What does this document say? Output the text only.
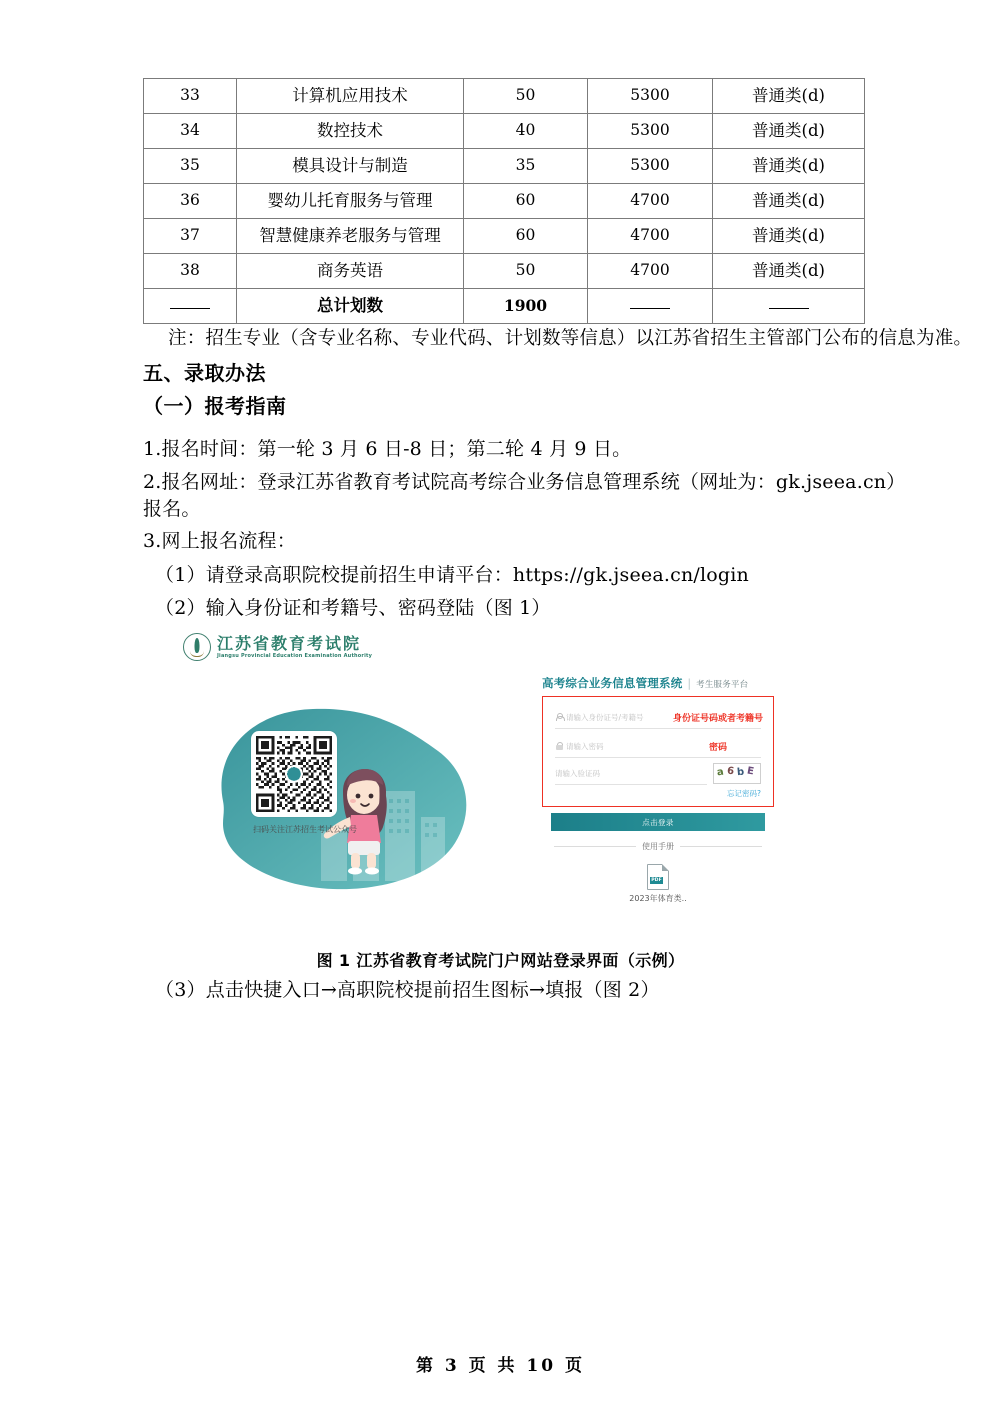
33	计算机应用技术	50	5300	普通类(d)
34	数控技术	40	5300	普通类(d)
35	模具设计与制造	35	5300	普通类(d)
36	婴幼儿托育服务与管理	60	4700	普通类(d)
37	智慧健康养老服务与管理	60	4700	普通类(d)
38	商务英语	50	4700	普通类(d)
	总计划数	1900		
注：招生专业（含专业名称、专业代码、计划数等信息）以江苏省招生主管部门公布的信息为准。
五、录取办法
（一）报考指南
1.报名时间：第一轮 3 月 6 日-8 日；第二轮 4 月 9 日。
2.报名网址：登录江苏省教育考试院高考综合业务信息管理系统（网址为：gk.jseea.cn）
报名。
3.网上报名流程：
（1）请登录高职院校提前招生申请平台：https://gk.jseea.cn/login
（2）输入身份证和考籍号、密码登陆（图 1）
江苏省教育考试院
Jiangsu Provincial Education Examination Authority
扫码关注江苏招生考试公众号
高考综合业务信息管理系统 | 考生服务平台
请输入身份证号/考籍号	身份证号码或者考籍号
请输入密码	密码
请输入验证码	a 6 b E
忘记密码?
点击登录
使用手册
PDF
2023年体育类..
图 1 江苏省教育考试院门户网站登录界面（示例）
（3）点击快捷入口→高职院校提前招生图标→填报（图 2）
第 3 页 共 10 页
